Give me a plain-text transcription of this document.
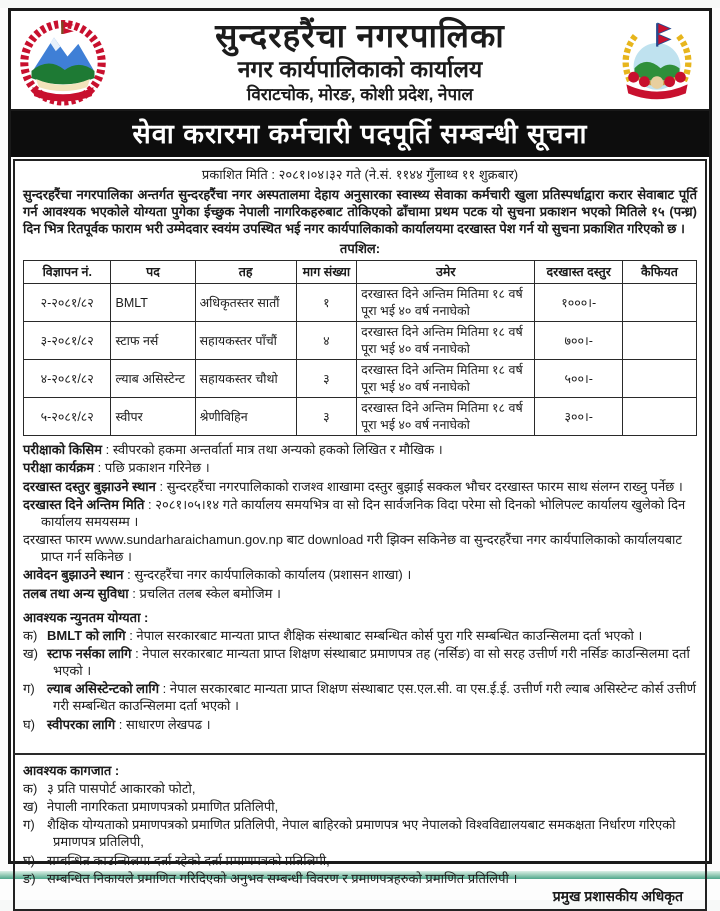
सुन्दरहरैंचा नगरपालिका
नगर कार्यपालिकाको कार्यालय
विराटचोक, मोरङ, कोशी प्रदेश, नेपाल
सेवा करारमा कर्मचारी पदपूर्ति सम्बन्धी सूचना
प्रकाशित मिति : २०८१।०४।३२ गते (ने.सं. ११४४ गुँलाथ्व ११ शुक्रबार)

सुन्दरहरैंचा नगरपालिका अन्तर्गत सुन्दरहरैंचा नगर अस्पतालमा देहाय अनुसारका स्वास्थ्य सेवाका कर्मचारी खुला प्रतिस्पर्धाद्वारा करार सेवाबाट पूर्ति गर्न आवश्यक भएकोले योग्यता पुगेका ईच्छुक नेपाली नागरिकहरुबाट तोकिएको ढाँचामा प्रथम पटक यो सुचना प्रकाशन भएको मितिले १५ (पन्ध्र) दिन भित्र रितपूर्वक फाराम भरी उम्मेदवार स्वयंम उपस्थित भई नगर कार्यपालिकाको कार्यालयमा दरखास्त पेश गर्न यो सुचना प्रकाशित गरिएको छ ।

तपशिल:
विज्ञापन नं.	पद	तह	माग संख्या	उमेर	दरखास्त दस्तुर	कैफियत
२-२०८१/८२	BMLT	अधिकृतस्तर सातौं	१	दरखास्त दिने अन्तिम मितिमा १८ वर्ष पूरा भई ४० वर्ष ननाघेको	१०००।-	
३-२०८१/८२	स्टाफ नर्स	सहायकस्तर पाँचौं	४	दरखास्त दिने अन्तिम मितिमा १८ वर्ष पूरा भई ४० वर्ष ननाघेको	७००।-	
४-२०८१/८२	ल्याब असिस्टेन्ट	सहायकस्तर चौथो	३	दरखास्त दिने अन्तिम मितिमा १८ वर्ष पूरा भई ४० वर्ष ननाघेको	५००।-	
५-२०८१/८२	स्वीपर	श्रेणीविहिन	३	दरखास्त दिने अन्तिम मितिमा १८ वर्ष पूरा भई ४० वर्ष ननाघेको	३००।-	
परीक्षाको किसिम : स्वीपरको हकमा अन्तर्वार्ता मात्र तथा अन्यको हकको लिखित र मौखिक ।
परीक्षा कार्यक्रम : पछि प्रकाशन गरिनेछ ।
दरखास्त दस्तुर बुझाउने स्थान : सुन्दरहरैंचा नगरपालिकाको राजश्व शाखामा दस्तुर बुझाई सक्कल भौचर दरखास्त फारम साथ संलग्न राख्नु पर्नेछ ।
दरखास्त दिने अन्तिम मिति : २०८१।०५।१४ गते कार्यालय समयभित्र वा सो दिन सार्वजनिक विदा परेमा सो दिनको भोलिपल्ट कार्यालय खुलेको दिन कार्यालय समयसम्म ।
दरखास्त फारम www.sundarharaichamun.gov.np बाट download गरी झिक्न सकिनेछ वा सुन्दरहरैंचा नगर कार्यपालिकाको कार्यालयबाट प्राप्त गर्न सकिनेछ ।
आवेदन बुझाउने स्थान : सुन्दरहरैंचा नगर कार्यपालिकाको कार्यालय (प्रशासन शाखा) ।
तलब तथा अन्य सुविधा : प्रचलित तलब स्केल बमोजिम ।
आवश्यक न्युनतम योग्यता :
क) BMLT को लागि : नेपाल सरकारबाट मान्यता प्राप्त शैक्षिक संस्थाबाट सम्बन्धित कोर्स पुरा गरि सम्बन्धित काउन्सिलमा दर्ता भएको ।
ख) स्टाफ नर्सका लागि : नेपाल सरकारबाट मान्यता प्राप्त शिक्षण संस्थाबाट प्रमाणपत्र तह (नर्सिङ) वा सो सरह उत्तीर्ण गरी नर्सिङ काउन्सिलमा दर्ता भएको ।
ग) ल्याब असिस्टेन्टको लागि : नेपाल सरकारबाट मान्यता प्राप्त शिक्षण संस्थाबाट एस.एल.सी. वा एस.ई.ई. उत्तीर्ण गरी ल्याब असिस्टेन्ट कोर्स उत्तीर्ण गरी सम्बन्धित काउन्सिलमा दर्ता भएको ।
घ) स्वीपरका लागि : साधारण लेखपढ ।
आवश्यक कागजात :
क) ३ प्रति पासपोर्ट आकारको फोटो,
ख) नेपाली नागरिकता प्रमाणपत्रको प्रमाणित प्रतिलिपी,
ग) शैक्षिक योग्यताको प्रमाणपत्रको प्रमाणित प्रतिलिपी, नेपाल बाहिरको प्रमाणपत्र भए नेपालको विश्वविद्यालयबाट समकक्षता निर्धारण गरिएको प्रमाणपत्र प्रतिलिपी,
घ) सम्बन्धित काउन्सिलमा दर्ता रहेको दर्ता प्रमाणपत्रको प्रतिलिपी,
ङ) सम्बन्धित निकायले प्रमाणित गरिदिएको अनुभव सम्बन्धी विवरण र प्रमाणपत्रहरुको प्रमाणित प्रतिलिपी ।
प्रमुख प्रशासकीय अधिकृत
